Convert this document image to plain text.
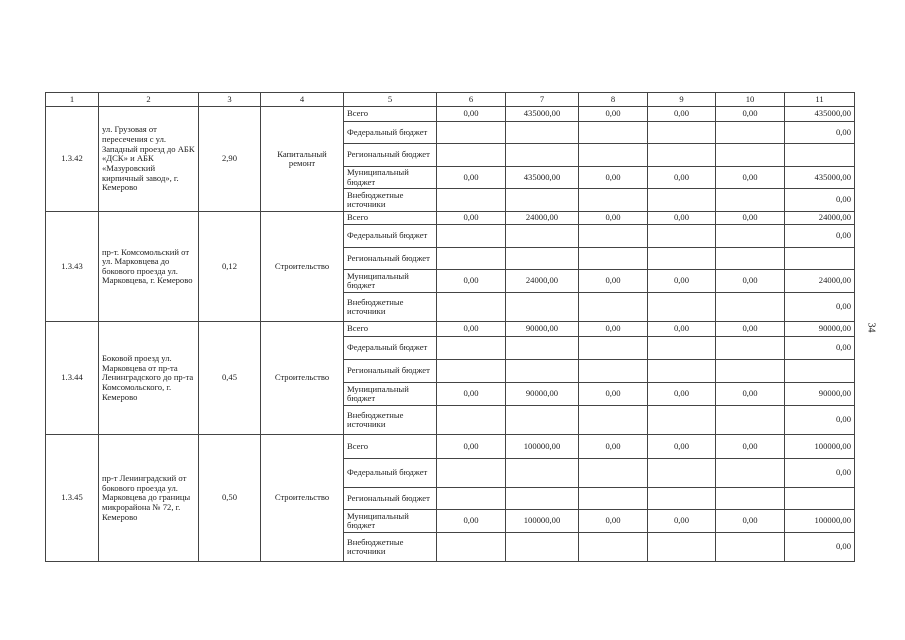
34
1	2	3	4	5	6	7	8	9	10	11
1.3.42	ул. Грузовая от пересечения с ул. Западный проезд до АБК «ДСК» и АБК «Мазуровский кирпичный завод», г. Кемерово	2,90	Капитальный ремонт	Всего	0,00	435000,00	0,00	0,00	0,00	435000,00
				Федеральный бюджет						0,00
				Региональный бюджет						
				Муниципальный бюджет	0,00	435000,00	0,00	0,00	0,00	435000,00
				Внебюджетные источники						0,00
1.3.43	пр-т. Комсомольский от ул. Марковцева до бокового проезда ул. Марковцева, г. Кемерово	0,12	Строительство	Всего	0,00	24000,00	0,00	0,00	0,00	24000,00
				Федеральный бюджет						0,00
				Региональный бюджет						
				Муниципальный бюджет	0,00	24000,00	0,00	0,00	0,00	24000,00
				Внебюджетные источники						0,00
1.3.44	Боковой проезд ул. Марковцева от пр-та Ленинградского до пр-та Комсомольского, г. Кемерово	0,45	Строительство	Всего	0,00	90000,00	0,00	0,00	0,00	90000,00
				Федеральный бюджет						0,00
				Региональный бюджет						
				Муниципальный бюджет	0,00	90000,00	0,00	0,00	0,00	90000,00
				Внебюджетные источники						0,00
1.3.45	пр-т Ленинградский от бокового проезда ул. Марковцева до границы микрорайона № 72, г. Кемерово	0,50	Строительство	Всего	0,00	100000,00	0,00	0,00	0,00	100000,00
				Федеральный бюджет						0,00
				Региональный бюджет						
				Муниципальный бюджет	0,00	100000,00	0,00	0,00	0,00	100000,00
				Внебюджетные источники						0,00
